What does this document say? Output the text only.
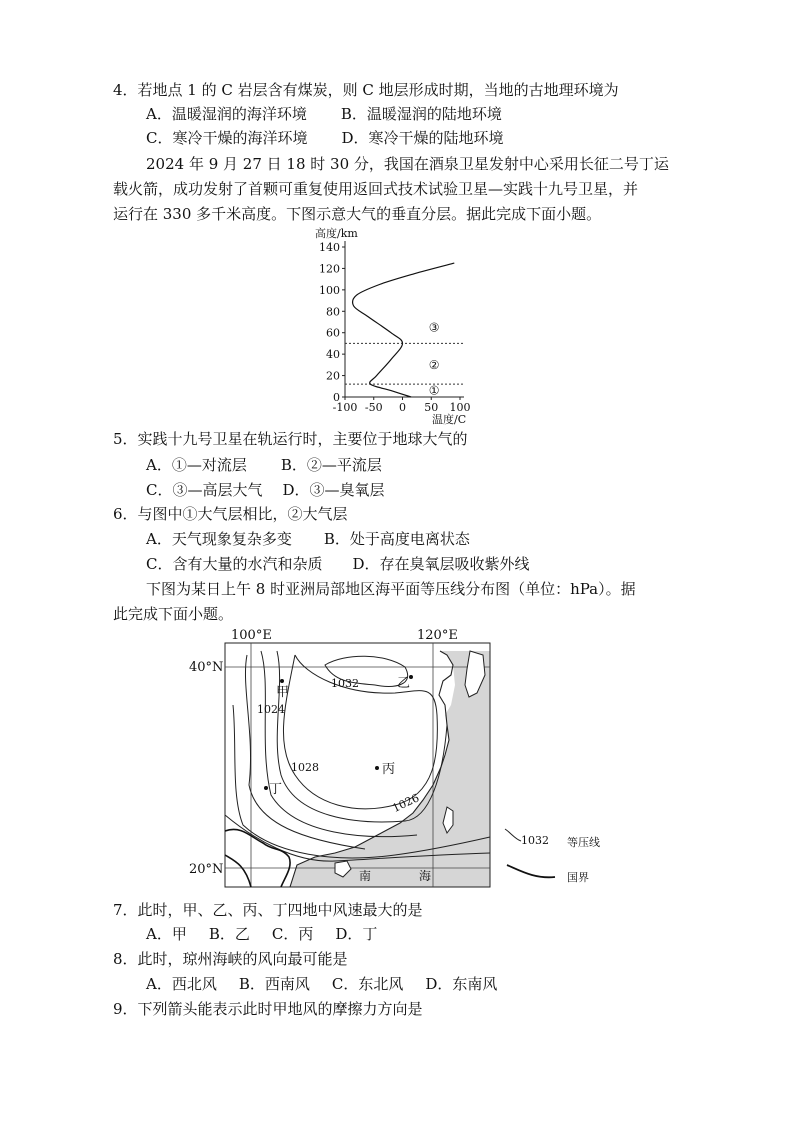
4．若地点 1 的 C 岩层含有煤炭，则 C 地层形成时期，当地的古地理环境为
A．温暖湿润的海洋环境 B．温暖湿润的陆地环境
C．寒冷干燥的海洋环境 D．寒冷干燥的陆地环境
2024 年 9 月 27 日 18 时 30 分，我国在酒泉卫星发射中心采用长征二号丁运
载火箭，成功发射了首颗可重复使用返回式技术试验卫星—实践十九号卫星，并
运行在 330 多千米高度。下图示意大气的垂直分层。据此完成下面小题。
0
20
40
60
80
100
120
140
-100 -50 0 50 100
高度/km
温度/C
①
②
③
5．实践十九号卫星在轨运行时，主要位于地球大气的
A．①—对流层 B．②—平流层
C．③—高层大气 D．③—臭氧层
6．与图中①大气层相比，②大气层
A．天气现象复杂多变 B．处于高度电离状态
C．含有大量的水汽和杂质 D．存在臭氧层吸收紫外线
下图为某日上午 8 时亚洲局部地区海平面等压线分布图（单位：hPa）。据
此完成下面小题。
100°E	120°E
40°N
20°N
1032
1024
1028
1026
甲
乙
丙
丁
南	海
1032 等压线
国界
7．此时，甲、乙、丙、丁四地中风速最大的是
A．甲 B．乙 C．丙 D．丁
8．此时，琼州海峡的风向最可能是
A．西北风 B．西南风 C．东北风 D．东南风
9．下列箭头能表示此时甲地风的摩擦力方向是
